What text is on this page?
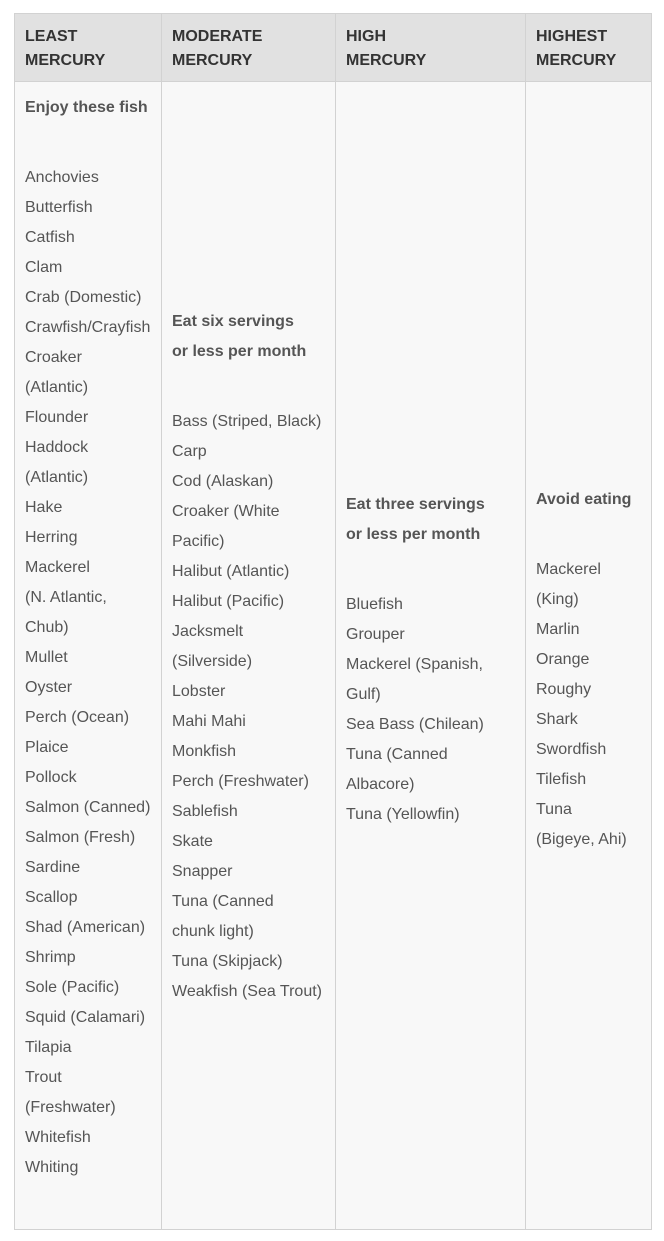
LEAST
MERCURY
MODERATE
MERCURY
HIGH
MERCURY
HIGHEST
MERCURY
Enjoy these fish
Anchovies
Butterfish
Catfish
Clam
Crab (Domestic)
Crawfish/Crayfish
Croaker
(Atlantic)
Flounder
Haddock
(Atlantic)
Hake
Herring
Mackerel
(N. Atlantic,
Chub)
Mullet
Oyster
Perch (Ocean)
Plaice
Pollock
Salmon (Canned)
Salmon (Fresh)
Sardine
Scallop
Shad (American)
Shrimp
Sole (Pacific)
Squid (Calamari)
Tilapia
Trout
(Freshwater)
Whitefish
Whiting
Eat six servings
or less per month
Bass (Striped, Black)
Carp
Cod (Alaskan)
Croaker (White
Pacific)
Halibut (Atlantic)
Halibut (Pacific)
Jacksmelt
(Silverside)
Lobster
Mahi Mahi
Monkfish
Perch (Freshwater)
Sablefish
Skate
Snapper
Tuna (Canned
chunk light)
Tuna (Skipjack)
Weakfish (Sea Trout)
Eat three servings
or less per month
Bluefish
Grouper
Mackerel (Spanish,
Gulf)
Sea Bass (Chilean)
Tuna (Canned
Albacore)
Tuna (Yellowfin)
Avoid eating
Mackerel
(King)
Marlin
Orange
Roughy
Shark
Swordfish
Tilefish
Tuna
(Bigeye, Ahi)
